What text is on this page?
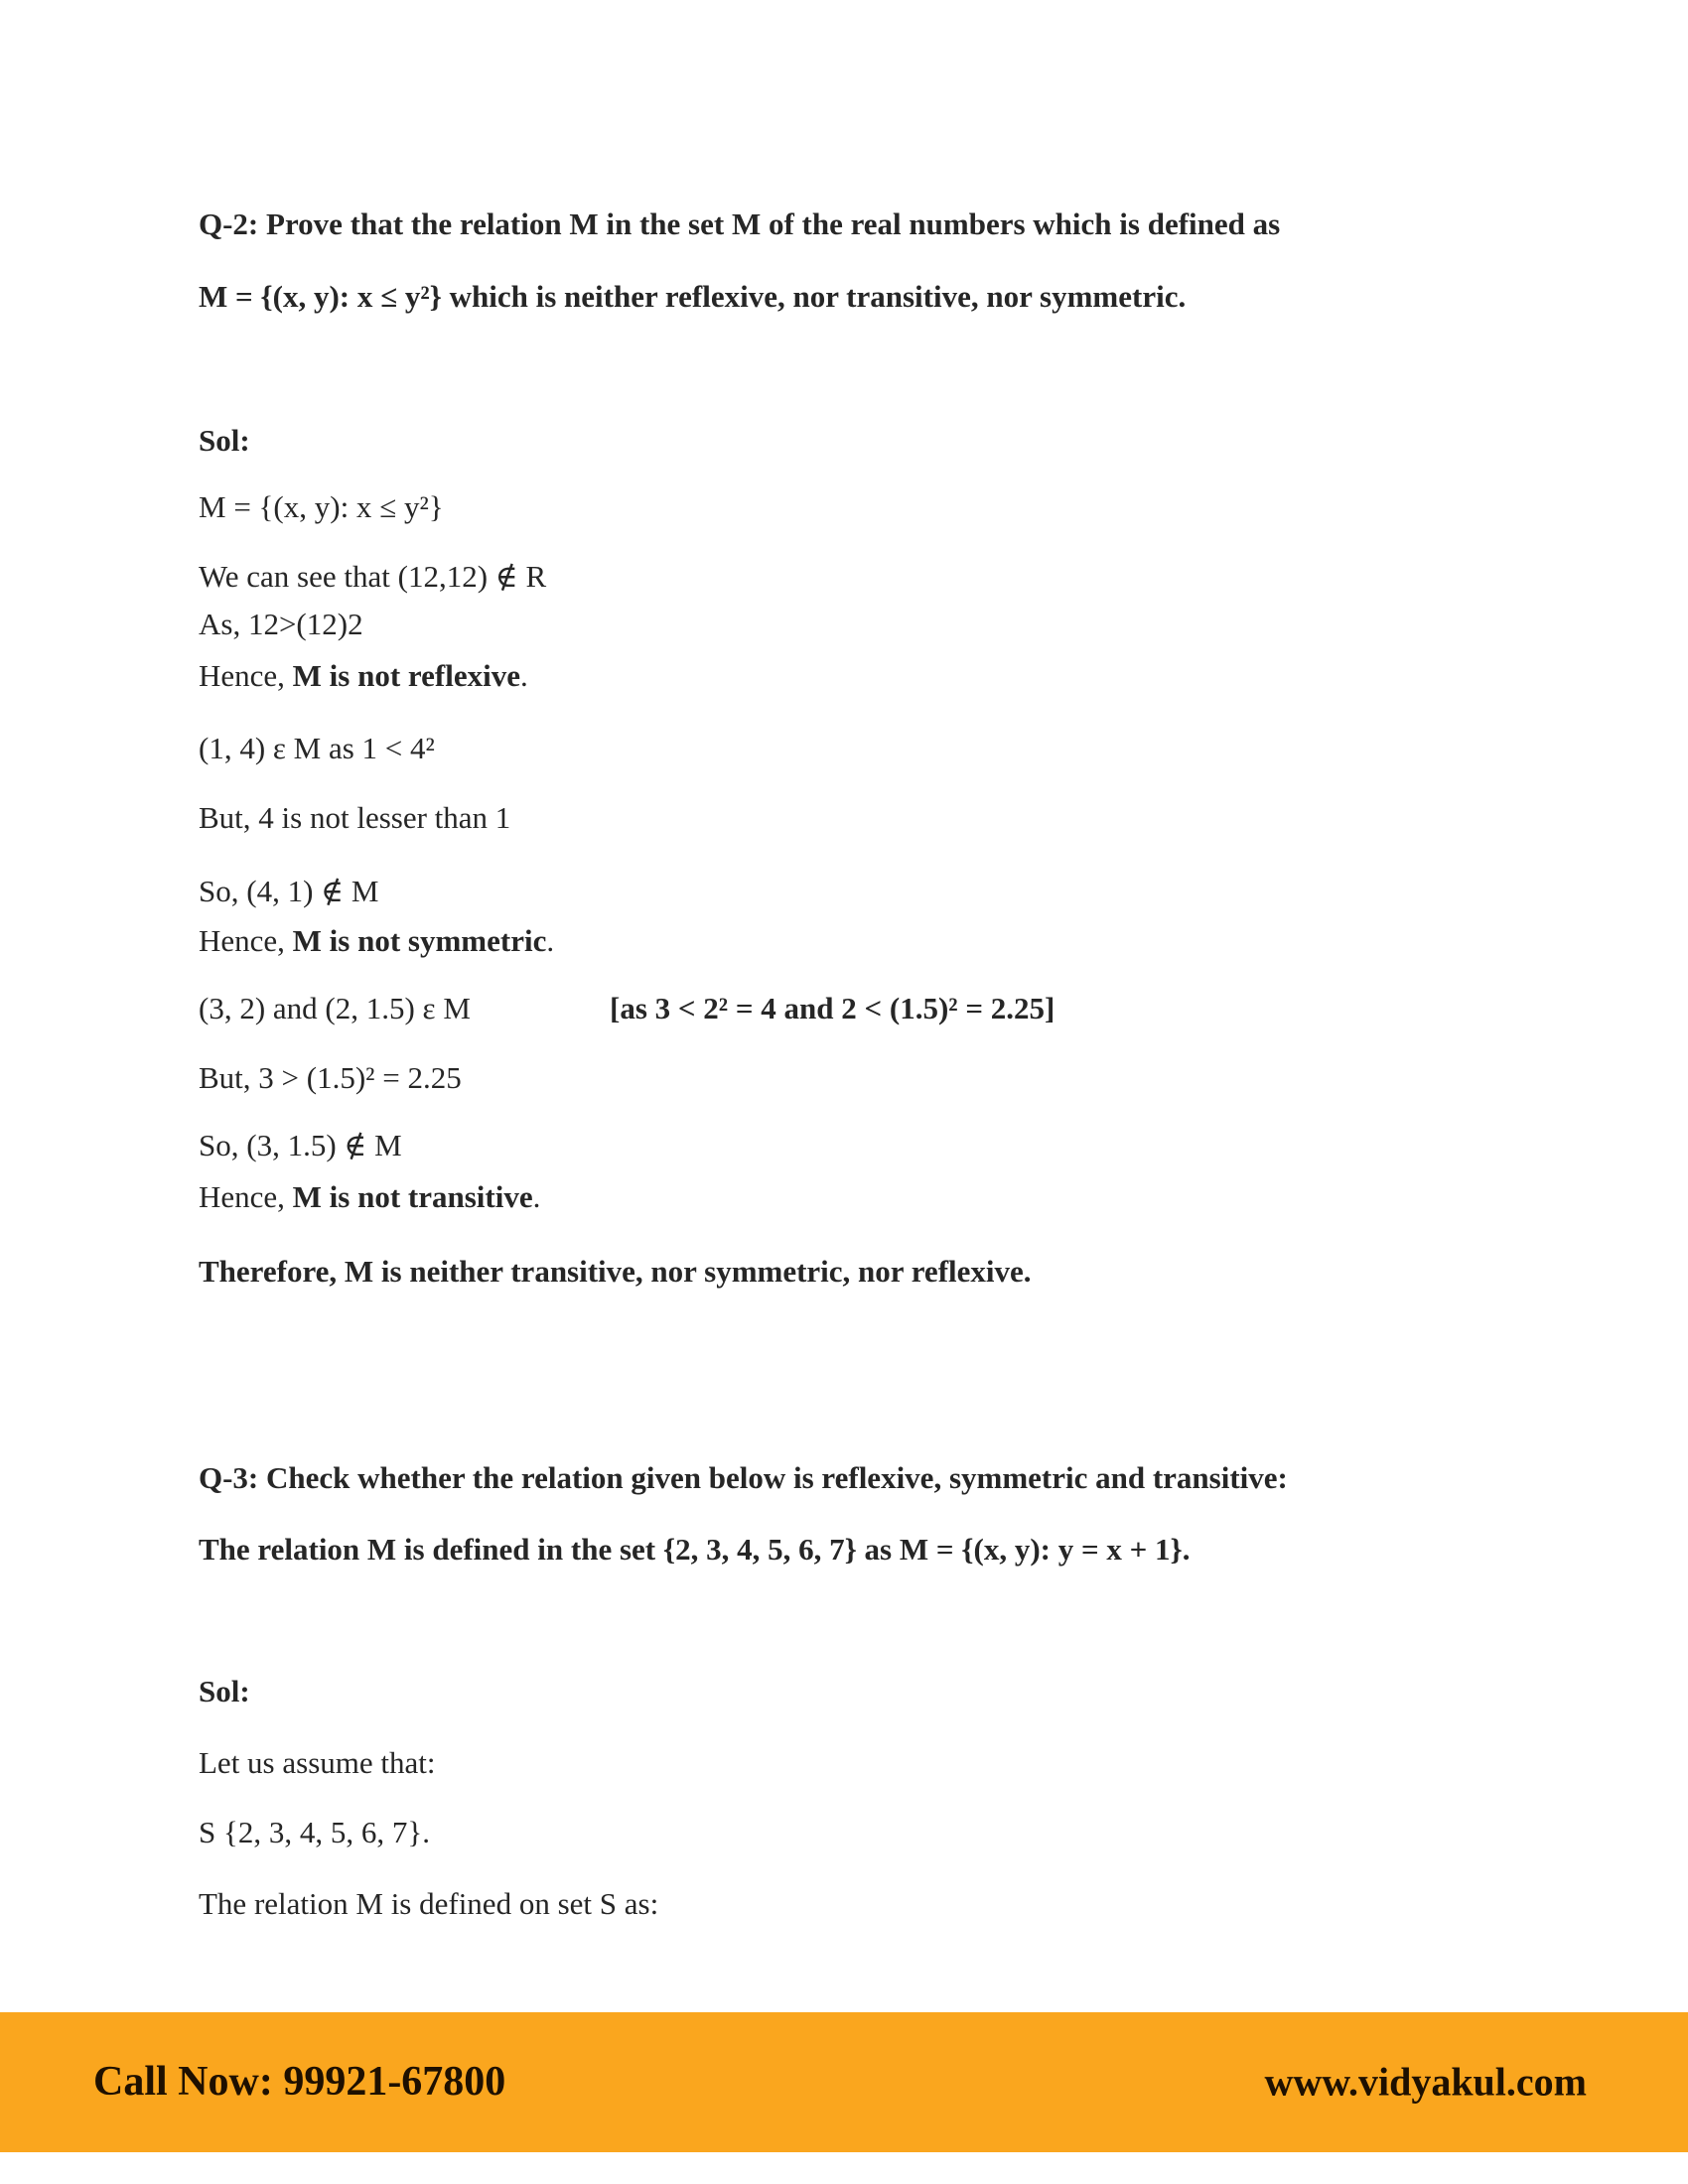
Q-2: Prove that the relation M in the set M of the real numbers which is defined as
M = {(x, y): x ≤ y²} which is neither reflexive, nor transitive, nor symmetric.
Sol:
M = {(x, y): x ≤ y²}
We can see that (12,12) ∉ R
As, 12>(12)2
Hence, M is not reflexive.
(1, 4) ε M as 1 < 4²
But, 4 is not lesser than 1
So, (4, 1) ∉ M
Hence, M is not symmetric.
(3, 2) and (2, 1.5) ε M	[as 3 < 2² = 4 and 2 < (1.5)² = 2.25]
But, 3 > (1.5)² = 2.25
So, (3, 1.5) ∉ M
Hence, M is not transitive.
Therefore, M is neither transitive, nor symmetric, nor reflexive.
Q-3: Check whether the relation given below is reflexive, symmetric and transitive:
The relation M is defined in the set {2, 3, 4, 5, 6, 7} as M = {(x, y): y = x + 1}.
Sol:
Let us assume that:
S {2, 3, 4, 5, 6, 7}.
The relation M is defined on set S as:
Call Now: 99921-67800	www.vidyakul.com
